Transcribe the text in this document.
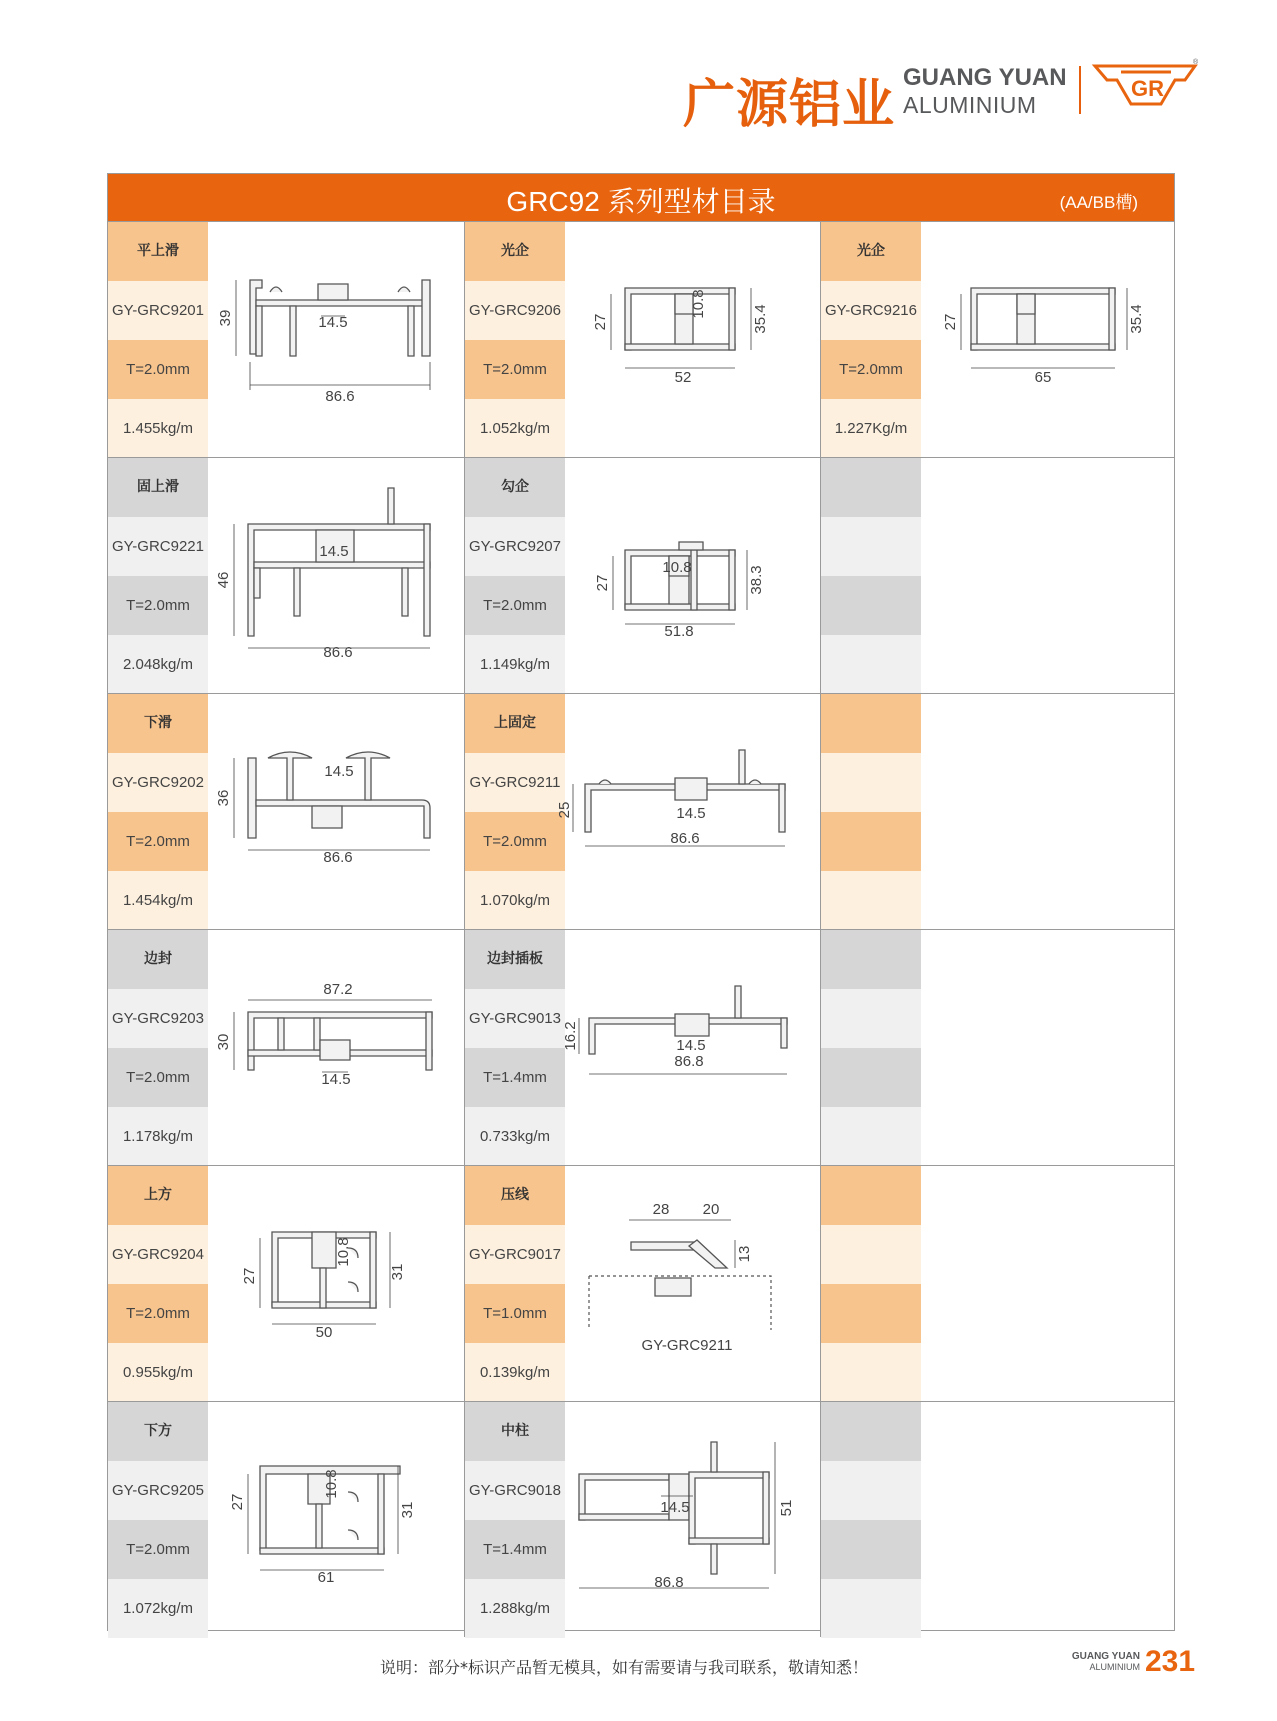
广源铝业 GUANG YUAN
ALUMINIUM
GR
®
GRC92 系列型材目录	(AA/BB槽)
平上滑
GY-GRC9201
T=2.0mm
1.455kg/m
86.6
39	14.5
光企
GY-GRC9206
T=2.0mm
1.052kg/m
52
27
10.8
35.4
光企
GY-GRC9216
T=2.0mm
1.227Kg/m
65
27	35.4
固上滑
GY-GRC9221
T=2.0mm
2.048kg/m
86.6
46
14.5
勾企
GY-GRC9207
T=2.0mm
1.149kg/m
51.8
27
10.8	38.3
下滑
GY-GRC9202
T=2.0mm
1.454kg/m
86.6
36
14.5
上固定
GY-GRC9211
T=2.0mm
1.070kg/m
86.6
25	14.5
边封
GY-GRC9203
T=2.0mm
1.178kg/m
87.2
30
14.5
边封插板
GY-GRC9013
T=1.4mm
0.733kg/m
86.8
16.2	14.5
上方
GY-GRC9204
T=2.0mm
0.955kg/m
50
27
10.8
31
压线
GY-GRC9017
T=1.0mm
0.139kg/m
28 20
13
GY-GRC9211
下方
GY-GRC9205
T=2.0mm
1.072kg/m
61
27
10.8
31
中柱
GY-GRC9018
T=1.4mm
1.288kg/m
86.8
51
14.5
说明：部分*标识产品暂无模具，如有需要请与我司联系，敬请知悉！
GUANG YUAN
ALUMINIUM 231
